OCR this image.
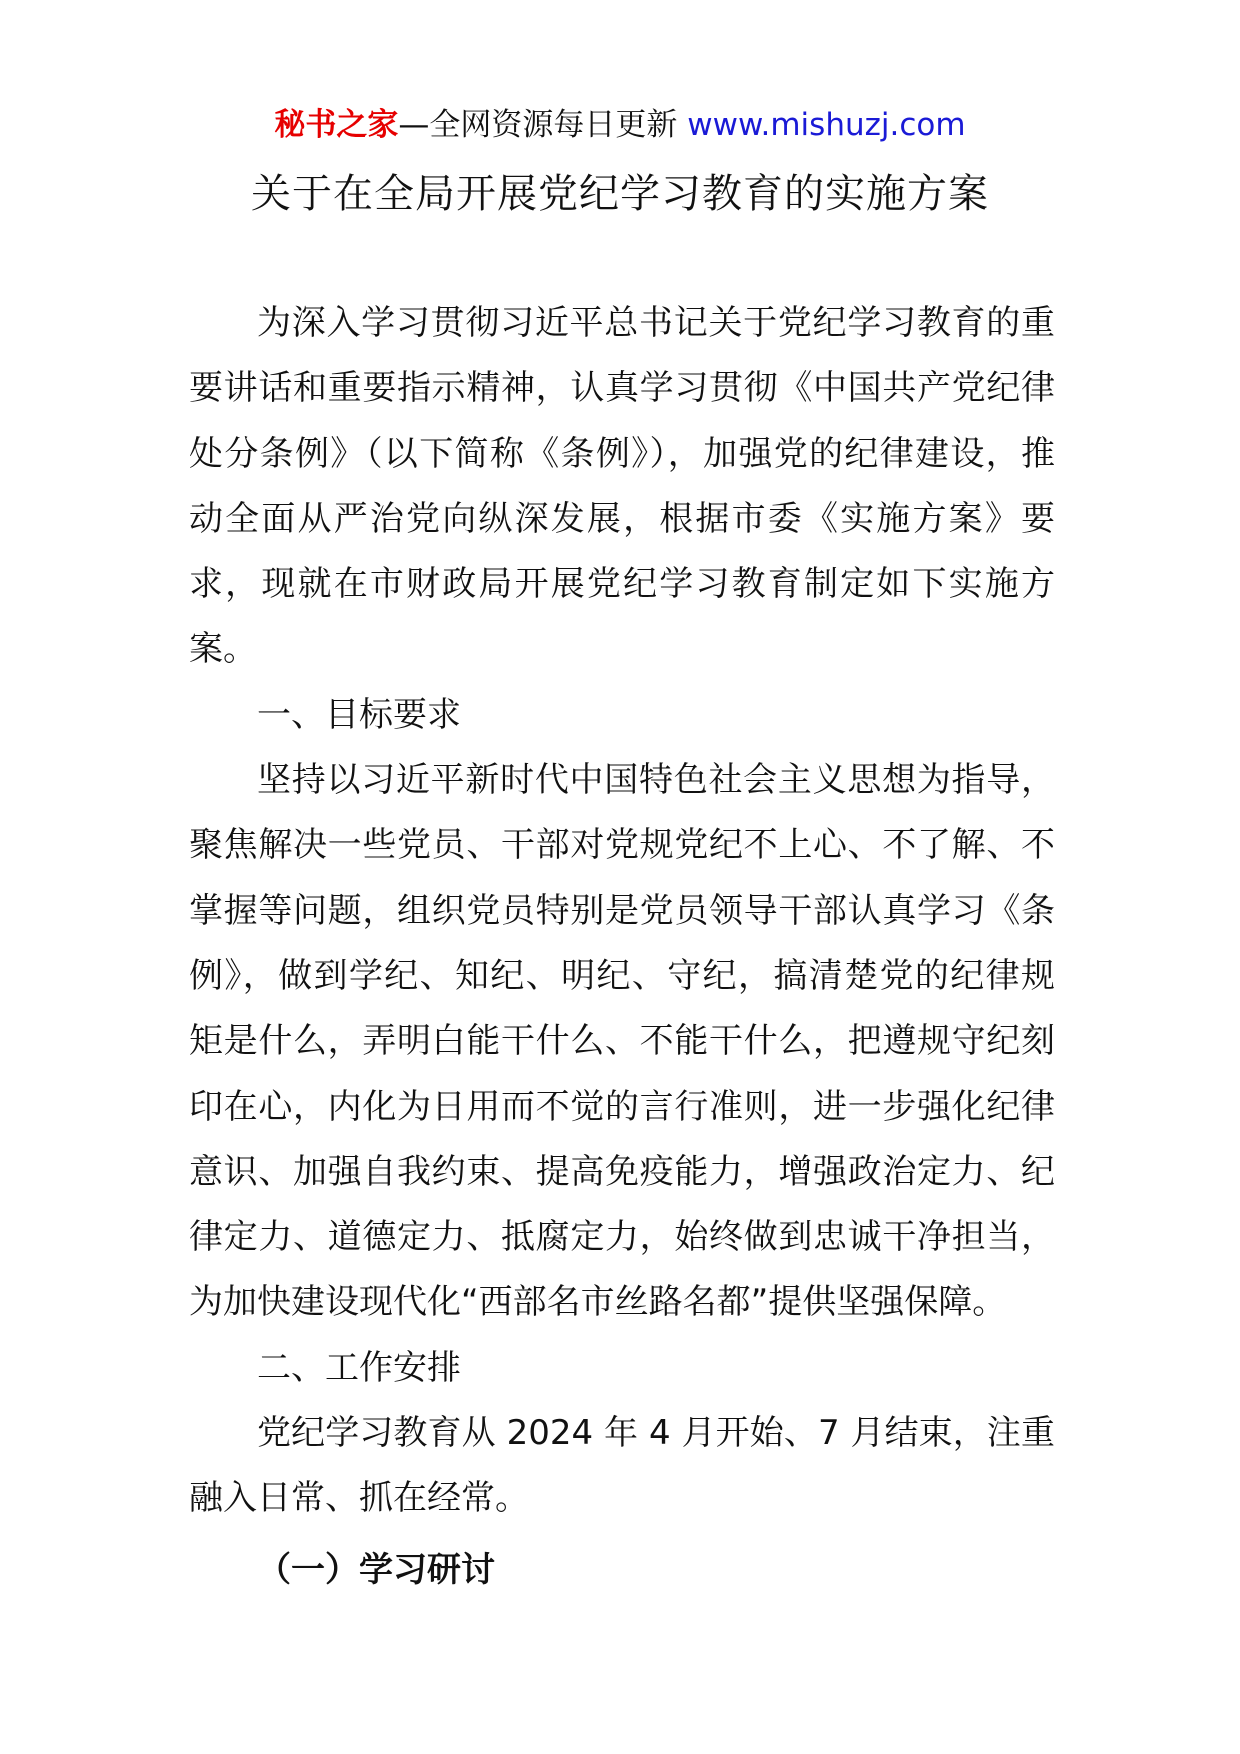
秘书之家—全网资源每日更新 www.mishuzj.com
关于在全局开展党纪学习教育的实施方案

为深入学习贯彻习近平总书记关于党纪学习教育的重要讲话和重要指示精神，认真学习贯彻《中国共产党纪律处分条例》（以下简称《条例》），加强党的纪律建设，推动全面从严治党向纵深发展，根据市委《实施方案》要求，现就在市财政局开展党纪学习教育制定如下实施方案。

一、目标要求

坚持以习近平新时代中国特色社会主义思想为指导，聚焦解决一些党员、干部对党规党纪不上心、不了解、不掌握等问题，组织党员特别是党员领导干部认真学习《条例》，做到学纪、知纪、明纪、守纪，搞清楚党的纪律规矩是什么，弄明白能干什么、不能干什么，把遵规守纪刻印在心，内化为日用而不觉的言行准则，进一步强化纪律意识、加强自我约束、提高免疫能力，增强政治定力、纪律定力、道德定力、抵腐定力，始终做到忠诚干净担当，为加快建设现代化“西部名市丝路名都”提供坚强保障。

二、工作安排

党纪学习教育从 2024 年 4 月开始、7 月结束，注重融入日常、抓在经常。

（一）学习研讨
